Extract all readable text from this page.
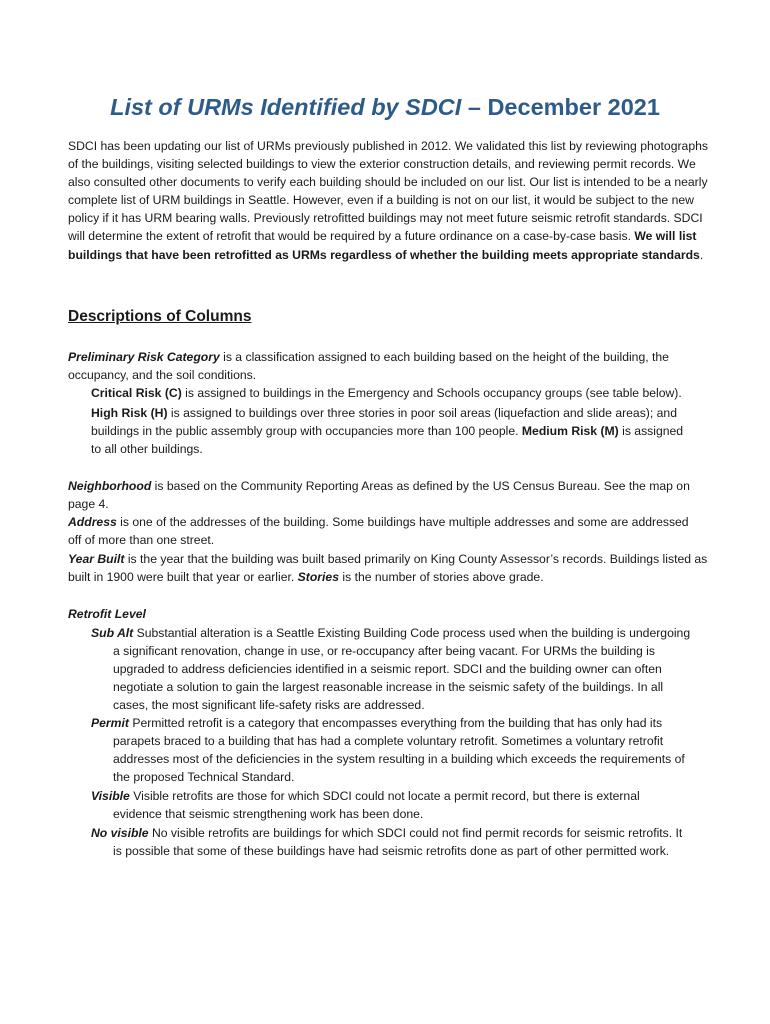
List of URMs Identified by SDCI – December 2021

SDCI has been updating our list of URMs previously published in 2012. We validated this list by reviewing photographs of the buildings, visiting selected buildings to view the exterior construction details, and reviewing permit records. We also consulted other documents to verify each building should be included on our list. Our list is intended to be a nearly complete list of URM buildings in Seattle. However, even if a building is not on our list, it would be subject to the new policy if it has URM bearing walls. Previously retrofitted buildings may not meet future seismic retrofit standards. SDCI will determine the extent of retrofit that would be required by a future ordinance on a case-by-case basis. We will list buildings that have been retrofitted as URMs regardless of whether the building meets appropriate standards.

Descriptions of Columns

Preliminary Risk Category is a classification assigned to each building based on the height of the building, the occupancy, and the soil conditions.

Critical Risk (C) is assigned to buildings in the Emergency and Schools occupancy groups (see table below).

High Risk (H) is assigned to buildings over three stories in poor soil areas (liquefaction and slide areas); and buildings in the public assembly group with occupancies more than 100 people. Medium Risk (M) is assigned to all other buildings.

Neighborhood is based on the Community Reporting Areas as defined by the US Census Bureau. See the map on page 4.

Address is one of the addresses of the building. Some buildings have multiple addresses and some are addressed off of more than one street.

Year Built is the year that the building was built based primarily on King County Assessor’s records. Buildings listed as built in 1900 were built that year or earlier. Stories is the number of stories above grade.

Retrofit Level

Sub Alt Substantial alteration is a Seattle Existing Building Code process used when the building is undergoing a significant renovation, change in use, or re-occupancy after being vacant. For URMs the building is upgraded to address deficiencies identified in a seismic report. SDCI and the building owner can often negotiate a solution to gain the largest reasonable increase in the seismic safety of the buildings. In all cases, the most significant life-safety risks are addressed.

Permit Permitted retrofit is a category that encompasses everything from the building that has only had its parapets braced to a building that has had a complete voluntary retrofit. Sometimes a voluntary retrofit addresses most of the deficiencies in the system resulting in a building which exceeds the requirements of the proposed Technical Standard.

Visible Visible retrofits are those for which SDCI could not locate a permit record, but there is external evidence that seismic strengthening work has been done.

No visible No visible retrofits are buildings for which SDCI could not find permit records for seismic retrofits. It is possible that some of these buildings have had seismic retrofits done as part of other permitted work.
